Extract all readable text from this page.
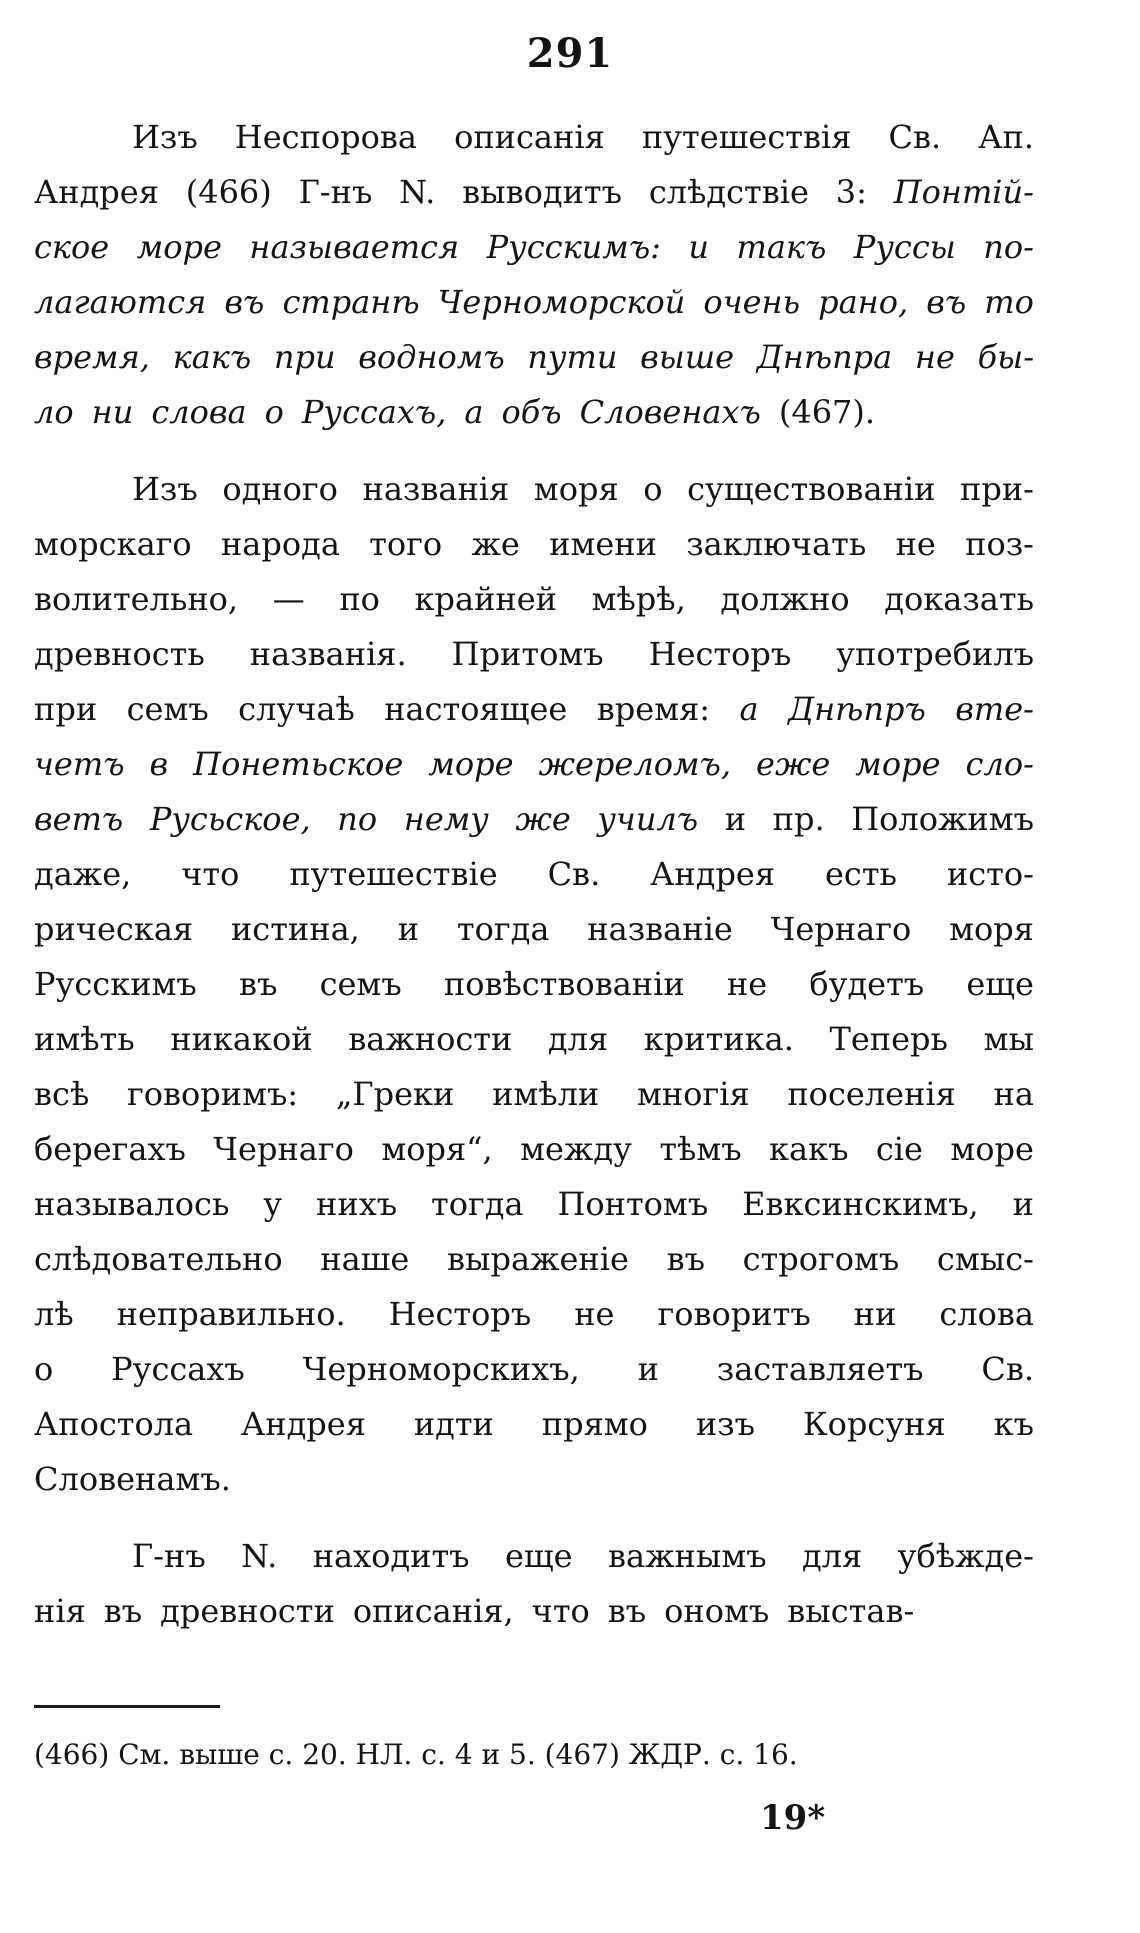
291
Изъ Неспорова описанія путешествія Св. Ап.
Андрея (466) Г-нъ N. выводитъ слѣдствіе 3: Понтій-
ское море называется Русскимъ: и такъ Руссы по-
лагаются въ странѣ Черноморской очень рано, въ то
время, какъ при водномъ пути выше Днѣпра не бы-
ло ни слова о Руссахъ, а объ Словенахъ (467).
Изъ одного названія моря о существованіи при-
морскаго народа того же имени заключать не поз-
волительно, — по крайней мѣрѣ, должно доказать
древность названія. Притомъ Несторъ употребилъ
при семъ случаѣ настоящее время: а Днѣпръ вте-
четъ в Понетьское море жереломъ, еже море сло-
ветъ Русьское, по нему же училъ и пр. Положимъ
даже, что путешествіе Св. Андрея есть исто-
рическая истина, и тогда названіе Чернаго моря
Русскимъ въ семъ повѣствованіи не будетъ еще
имѣть никакой важности для критика. Теперь мы
всѣ говоримъ: „Греки имѣли многія поселенія на
берегахъ Чернаго моря“, между тѣмъ какъ сіе море
называлось у нихъ тогда Понтомъ Евксинскимъ, и
слѣдовательно наше выраженіе въ строгомъ смыс-
лѣ неправильно. Несторъ не говоритъ ни слова
о Руссахъ Черноморскихъ, и заставляетъ Св.
Апостола Андрея идти прямо изъ Корсуня къ
Словенамъ.
Г-нъ N. находитъ еще важнымъ для убѣжде-
нія въ древности описанія, что въ ономъ выстав-
(466) См. выше с. 20. НЛ. с. 4 и 5. (467) ЖДР. с. 16.
19*
